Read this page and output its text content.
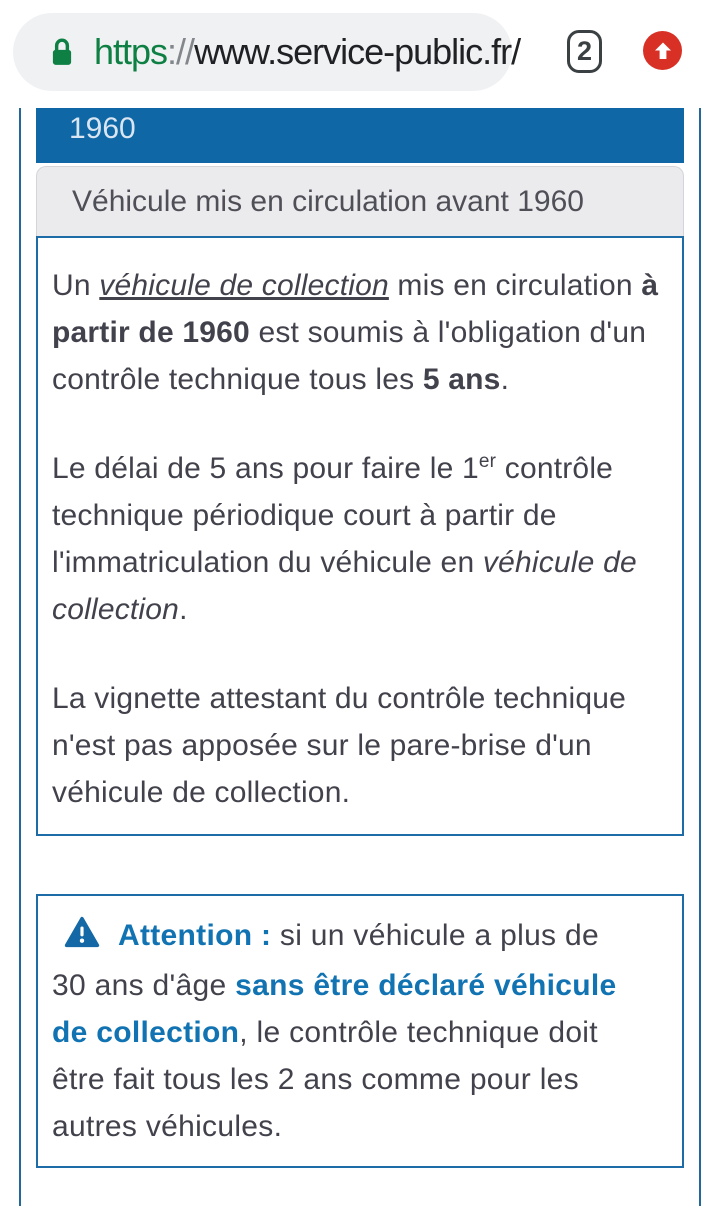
https://www.service-public.fr/ 2
1960
Véhicule mis en circulation avant 1960

Un véhicule de collection mis en circulation à partir de 1960 est soumis à l'obligation d'un contrôle technique tous les 5 ans.

Le délai de 5 ans pour faire le 1er contrôle technique périodique court à partir de l'immatriculation du véhicule en véhicule de collection.

La vignette attestant du contrôle technique n'est pas apposée sur le pare-brise d'un véhicule de collection.

Attention : si un véhicule a plus de 30 ans d'âge sans être déclaré véhicule de collection, le contrôle technique doit être fait tous les 2 ans comme pour les autres véhicules.
